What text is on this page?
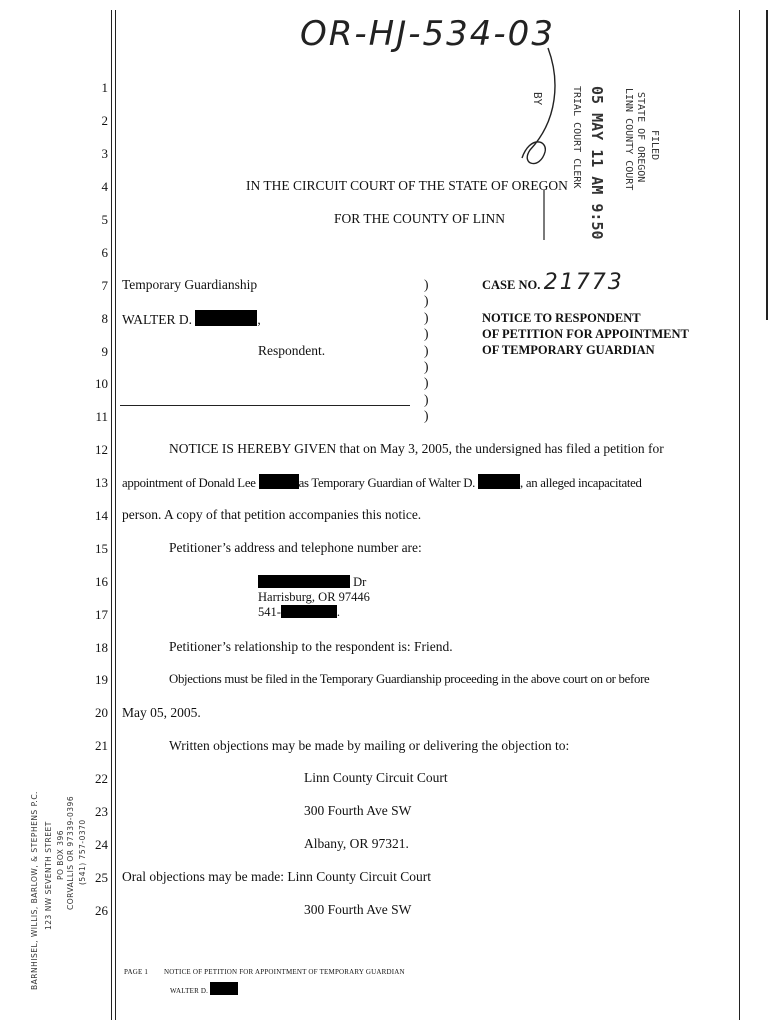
OR-HJ-534-03
BY	TRIAL COURT CLERK 05 MAY 11 AM 9:50 LINN COUNTY COURT STATE OF OREGON FILED
1
2
3
4
5
6
7
8
9
10
11
12
13
14
15
16
17
18
19
20
21
22
23
24
25
26
IN THE CIRCUIT COURT OF THE STATE OF OREGON
FOR THE COUNTY OF LINN
Temporary Guardianship
WALTER D.	,
Respondent.
)
)
)
)
)
)
)
)
)
CASE NO. 21773
NOTICE TO RESPONDENT
OF PETITION FOR APPOINTMENT
OF TEMPORARY GUARDIAN
NOTICE IS HEREBY GIVEN that on May 3, 2005, the undersigned has filed a petition for
appointment of Donald Lee	as Temporary Guardian of Walter D.	, an alleged incapacitated
person. A copy of that petition accompanies this notice.
Petitioner’s address and telephone number are:
Dr
Harrisburg, OR 97446
541-	.
Petitioner’s relationship to the respondent is: Friend.
Objections must be filed in the Temporary Guardianship proceeding in the above court on or before
May 05, 2005.
Written objections may be made by mailing or delivering the objection to:
Linn County Circuit Court
300 Fourth Ave SW
Albany, OR 97321.
Oral objections may be made: Linn County Circuit Court
300 Fourth Ave SW
BARNHISEL, WILLIS, BARLOW, & STEPHENS P.C. 123 NW SEVENTH STREET PO BOX 396 CORVALLIS OR 97339-0396 (541) 757-0370
PAGE 1 NOTICE OF PETITION FOR APPOINTMENT OF TEMPORARY GUARDIAN
WALTER D.
